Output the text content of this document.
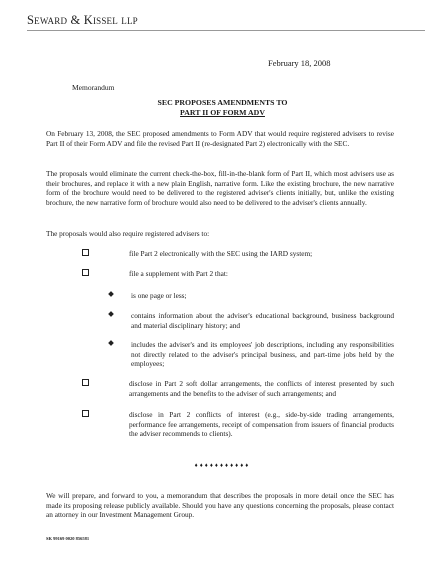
Seward & Kissel llp
February 18, 2008
Memorandum
SEC PROPOSES AMENDMENTS TO
PART II OF FORM ADV
On February 13, 2008, the SEC proposed amendments to Form ADV that would require registered advisers to revise Part II of their Form ADV and file the revised Part II (re-designated Part 2) electronically with the SEC.
The proposals would eliminate the current check-the-box, fill-in-the-blank form of Part II, which most advisers use as their brochures, and replace it with a new plain English, narrative form. Like the existing brochure, the new narrative form of the brochure would need to be delivered to the registered adviser's clients initially, but, unlike the existing brochure, the new narrative form of brochure would also need to be delivered to the adviser's clients annually.
The proposals would also require registered advisers to:
file Part 2 electronically with the SEC using the IARD system;
file a supplement with Part 2 that:
is one page or less;
contains information about the adviser's educational background, business background and material disciplinary history; and
includes the adviser's and its employees' job descriptions, including any responsibilities not directly related to the adviser's principal business, and part-time jobs held by the employees;
disclose in Part 2 soft dollar arrangements, the conflicts of interest presented by such arrangements and the benefits to the adviser of such arrangements; and
disclose in Part 2 conflicts of interest (e.g., side-by-side trading arrangements, performance fee arrangements, receipt of compensation from issuers of financial products the adviser recommends to clients).
♦♦♦♦♦♦♦♦♦♦♦
We will prepare, and forward to you, a memorandum that describes the proposals in more detail once the SEC has made its proposing release publicly available. Should you have any questions concerning the proposals, please contact an attorney in our Investment Management Group.
SK 99169 0020 856581
